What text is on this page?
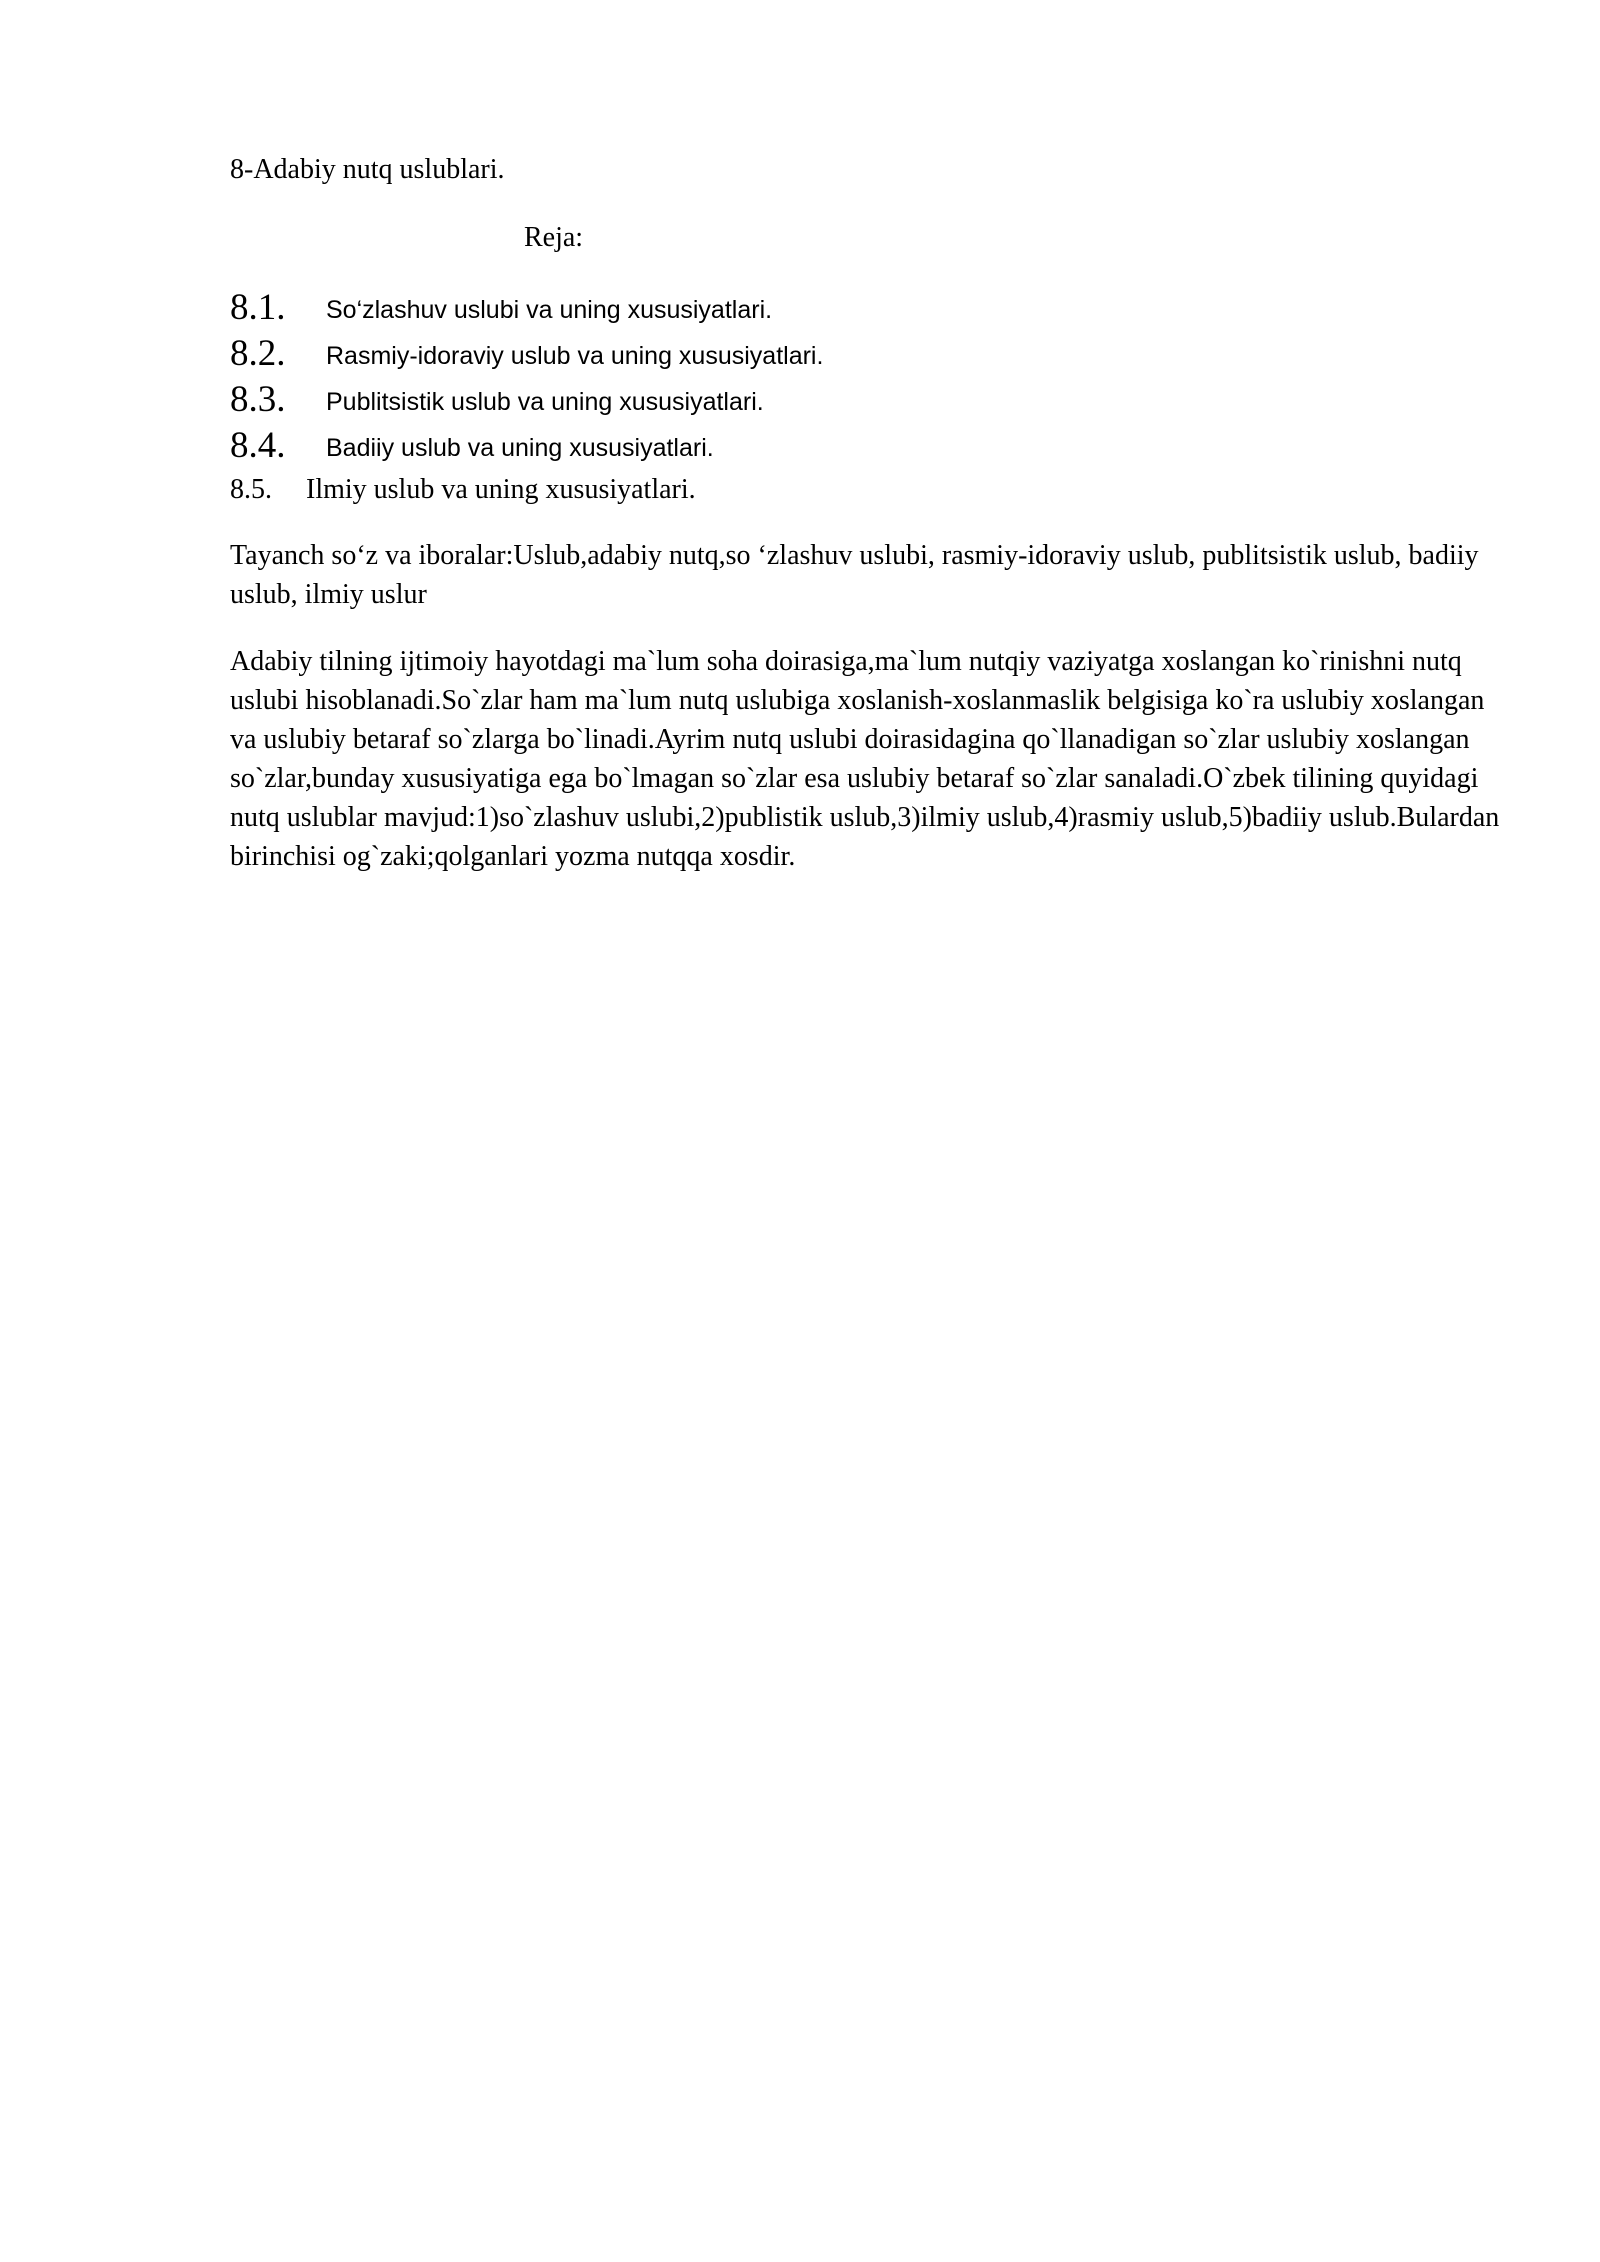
8-Adabiy nutq uslublari.
Reja:
8.1. So‘zlashuv uslubi va uning xususiyatlari.
8.2. Rasmiy-idoraviy uslub va uning xususiyatlari.
8.3. Publitsistik uslub va uning xususiyatlari.
8.4. Badiiy uslub va uning xususiyatlari.
8.5. Ilmiy uslub va uning xususiyatlari.

Tayanch so‘z va iboralar:Uslub,adabiy nutq,so ‘zlashuv uslubi, rasmiy-idoraviy uslub, publitsistik uslub, badiiy uslub, ilmiy uslur

Adabiy tilning ijtimoiy hayotdagi ma`lum soha doirasiga,ma`lum nutqiy vaziyatga xoslangan ko`rinishni nutq uslubi hisoblanadi.So`zlar ham ma`lum nutq uslubiga xoslanish-xoslanmaslik belgisiga ko`ra uslubiy xoslangan va uslubiy betaraf so`zlarga bo`linadi.Ayrim nutq uslubi doirasidagina qo`llanadigan so`zlar uslubiy xoslangan so`zlar,bunday xususiyatiga ega bo`lmagan so`zlar esa uslubiy betaraf so`zlar sanaladi.O`zbek tilining quyidagi nutq uslublar mavjud:1)so`zlashuv uslubi,2)publistik uslub,3)ilmiy uslub,4)rasmiy uslub,5)badiiy uslub.Bulardan birinchisi og`zaki;qolganlari yozma nutqqa xosdir.
